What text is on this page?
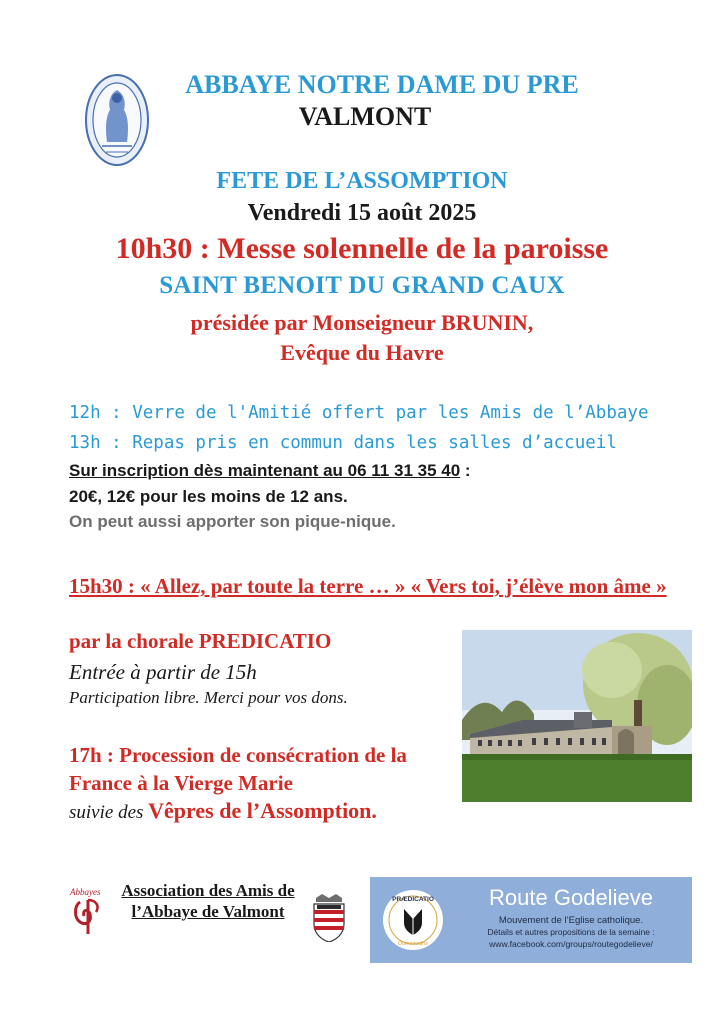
ABBAYE NOTRE DAME DU PRE
VALMONT
FETE DE L’ASSOMPTION
Vendredi 15 août 2025
10h30 : Messe solennelle de la paroisse
SAINT BENOIT DU GRAND CAUX
présidée par Monseigneur BRUNIN,
Evêque du Havre
12h : Verre de l'Amitié offert par les Amis de l’Abbaye
13h : Repas pris en commun dans les salles d’accueil
Sur inscription dès maintenant au 06 11 31 35 40 :
20€, 12€ pour les moins de 12 ans.
On peut aussi apporter son pique-nique.
15h30 : « Allez, par toute la terre … » « Vers toi, j’élève mon âme »
par la chorale PREDICATIO
Entrée à partir de 15h
Participation libre. Merci pour vos dons.
17h : Procession de consécration de la France à la Vierge Marie
suivie des Vêpres de l’Assomption.
Abbayes Association des Amis de l’Abbaye de Valmont
PRÆDICATIO
Dominicains
Route Godelieve
Mouvement de l’Eglise catholique.
Détails et autres propositions de la semaine :
www.facebook.com/groups/routegodelieve/
